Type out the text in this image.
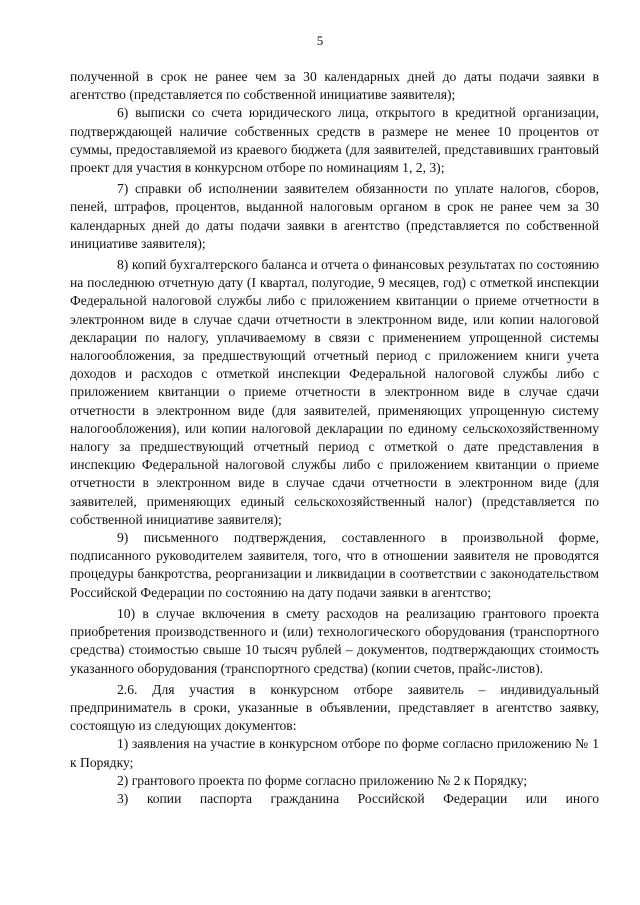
5

полученной в срок не ранее чем за 30 календарных дней до даты подачи заявки в агентство (представляется по собственной инициативе заявителя);

6) выписки со счета юридического лица, открытого в кредитной организации, подтверждающей наличие собственных средств в размере не менее 10 процентов от суммы, предоставляемой из краевого бюджета (для заявителей, представивших грантовый проект для участия в конкурсном отборе по номинациям 1, 2, 3);

7) справки об исполнении заявителем обязанности по уплате налогов, сборов, пеней, штрафов, процентов, выданной налоговым органом в срок не ранее чем за 30 календарных дней до даты подачи заявки в агентство (представляется по собственной инициативе заявителя);

8) копий бухгалтерского баланса и отчета о финансовых результатах по состоянию на последнюю отчетную дату (I квартал, полугодие, 9 месяцев, год) с отметкой инспекции Федеральной налоговой службы либо с приложением квитанции о приеме отчетности в электронном виде в случае сдачи отчетности в электронном виде, или копии налоговой декларации по налогу, уплачиваемому в связи с применением упрощенной системы налогообложения, за предшествующий отчетный период с приложением книги учета доходов и расходов с отметкой инспекции Федеральной налоговой службы либо с приложением квитанции о приеме отчетности в электронном виде в случае сдачи отчетности в электронном виде (для заявителей, применяющих упрощенную систему налогообложения), или копии налоговой декларации по единому сельскохозяйственному налогу за предшествующий отчетный период с отметкой о дате представления в инспекцию Федеральной налоговой службы либо с приложением квитанции о приеме отчетности в электронном виде в случае сдачи отчетности в электронном виде (для заявителей, применяющих единый сельскохозяйственный налог) (представляется по собственной инициативе заявителя);

9) письменного подтверждения, составленного в произвольной форме, подписанного руководителем заявителя, того, что в отношении заявителя не проводятся процедуры банкротства, реорганизации и ликвидации в соответствии с законодательством Российской Федерации по состоянию на дату подачи заявки в агентство;

10) в случае включения в смету расходов на реализацию грантового проекта приобретения производственного и (или) технологического оборудования (транспортного средства) стоимостью свыше 10 тысяч рублей – документов, подтверждающих стоимость указанного оборудования (транспортного средства) (копии счетов, прайс-листов).

2.6. Для участия в конкурсном отборе заявитель – индивидуальный предприниматель в сроки, указанные в объявлении, представляет в агентство заявку, состоящую из следующих документов:

1) заявления на участие в конкурсном отборе по форме согласно приложению № 1 к Порядку;

2) грантового проекта по форме согласно приложению № 2 к Порядку;

3) копии паспорта гражданина Российской Федерации или иного
